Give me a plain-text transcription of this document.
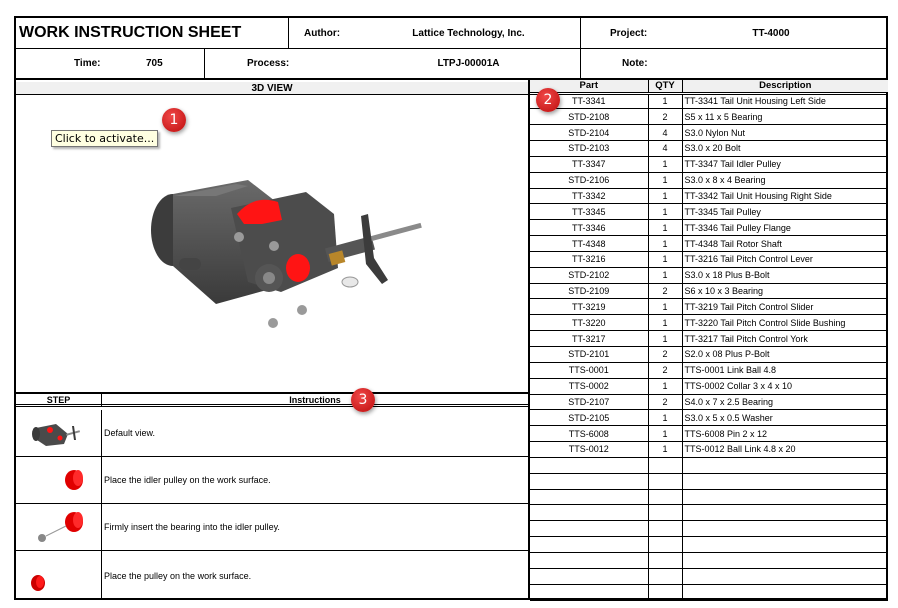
WORK INSTRUCTION SHEET	Author:	Lattice Technology, Inc.	Project:	TT-4000
Time:	705	Process:	LTPJ-00001A	Note:
3D VIEW
Click to activate...
STEP	Instructions
Default view.
Place the idler pulley on the work surface.
Firmly insert the bearing into the idler pulley.
Place the pulley on the work surface.
Part	QTY	Description
TT-3341	1	TT-3341 Tail Unit Housing Left Side
STD-2108	2	S5 x 11 x 5 Bearing
STD-2104	4	S3.0 Nylon Nut
STD-2103	4	S3.0 x 20 Bolt
TT-3347	1	TT-3347 Tail Idler Pulley
STD-2106	1	S3.0 x 8 x 4 Bearing
TT-3342	1	TT-3342 Tail Unit Housing Right Side
TT-3345	1	TT-3345 Tail Pulley
TT-3346	1	TT-3346 Tail Pulley Flange
TT-4348	1	TT-4348 Tail Rotor Shaft
TT-3216	1	TT-3216 Tail Pitch Control Lever
STD-2102	1	S3.0 x 18 Plus B-Bolt
STD-2109	2	S6 x 10 x 3 Bearing
TT-3219	1	TT-3219 Tail Pitch Control Slider
TT-3220	1	TT-3220 Tail Pitch Control Slide Bushing
TT-3217	1	TT-3217 Tail Pitch Control York
STD-2101	2	S2.0 x 08 Plus P-Bolt
TTS-0001	2	TTS-0001 Link Ball 4.8
TTS-0002	1	TTS-0002 Collar 3 x 4 x 10
STD-2107	2	S4.0 x 7 x 2.5 Bearing
STD-2105	1	S3.0 x 5 x 0.5 Washer
TTS-6008	1	TTS-6008 Pin 2 x 12
TTS-0012	1	TTS-0012 Ball Link 4.8 x 20

1
2
3
